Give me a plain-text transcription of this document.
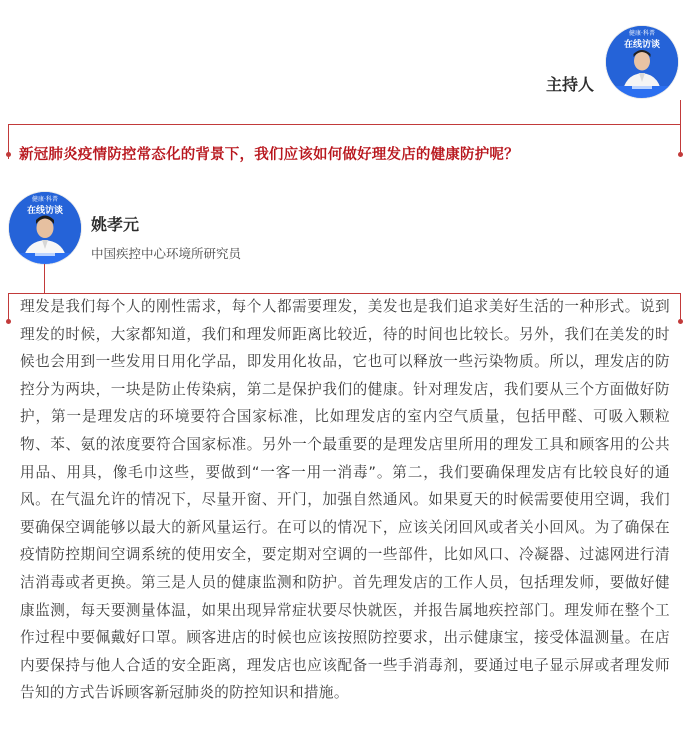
健康·科普
在线访谈
主持人
新冠肺炎疫情防控常态化的背景下，我们应该如何做好理发店的健康防护呢？
健康·科普
在线访谈
姚孝元
中国疾控中心环境所研究员
理发是我们每个人的刚性需求，每个人都需要理发，美发也是我们追求美好生活的一种形式。说到理发的时候，大家都知道，我们和理发师距离比较近，待的时间也比较长。另外，我们在美发的时候也会用到一些发用日用化学品，即发用化妆品，它也可以释放一些污染物质。所以，理发店的防控分为两块，一块是防止传染病，第二是保护我们的健康。针对理发店，我们要从三个方面做好防护，第一是理发店的环境要符合国家标准，比如理发店的室内空气质量，包括甲醛、可吸入颗粒物、苯、氨的浓度要符合国家标准。另外一个最重要的是理发店里所用的理发工具和顾客用的公共用品、用具，像毛巾这些，要做到“一客一用一消毒”。第二，我们要确保理发店有比较良好的通风。在气温允许的情况下，尽量开窗、开门，加强自然通风。如果夏天的时候需要使用空调，我们要确保空调能够以最大的新风量运行。在可以的情况下，应该关闭回风或者关小回风。为了确保在疫情防控期间空调系统的使用安全，要定期对空调的一些部件，比如风口、冷凝器、过滤网进行清洁消毒或者更换。第三是人员的健康监测和防护。首先理发店的工作人员，包括理发师，要做好健康监测，每天要测量体温，如果出现异常症状要尽快就医，并报告属地疾控部门。理发师在整个工作过程中要佩戴好口罩。顾客进店的时候也应该按照防控要求，出示健康宝，接受体温测量。在店内要保持与他人合适的安全距离，理发店也应该配备一些手消毒剂，要通过电子显示屏或者理发师告知的方式告诉顾客新冠肺炎的防控知识和措施。
